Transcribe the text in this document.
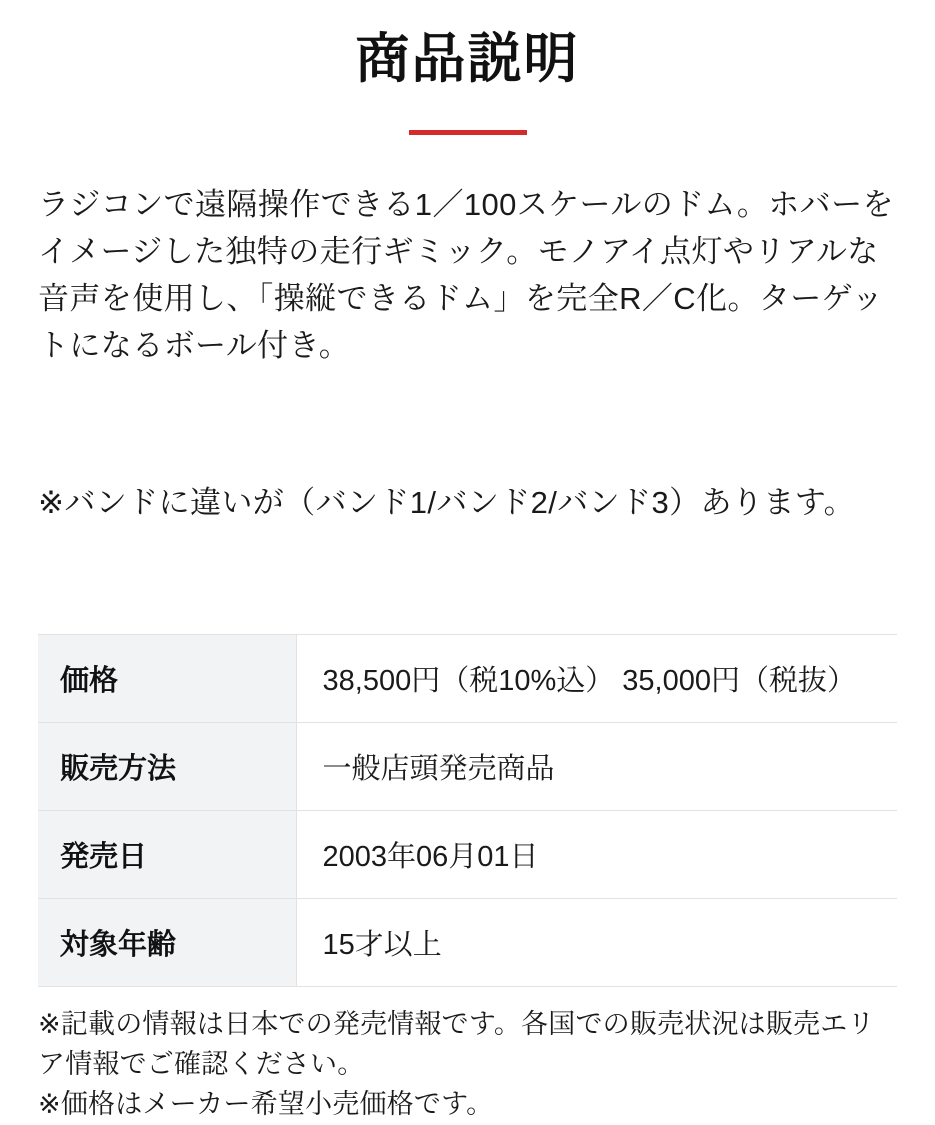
商品説明

ラジコンで遠隔操作できる1／100スケールのドム。ホバーをイメージした独特の走行ギミック。モノアイ点灯やリアルな音声を使用し、「操縦できるドム」を完全R／C化。ターゲットになるボール付き。

※バンドに違いが（バンド1/バンド2/バンド3）あります。

価格	38,500円（税10%込） 35,000円（税抜）
販売方法	一般店頭発売商品
発売日	2003年06月01日
対象年齢	15才以上
※記載の情報は日本での発売情報です。各国での販売状況は販売エリア情報でご確認ください。
※価格はメーカー希望小売価格です。
